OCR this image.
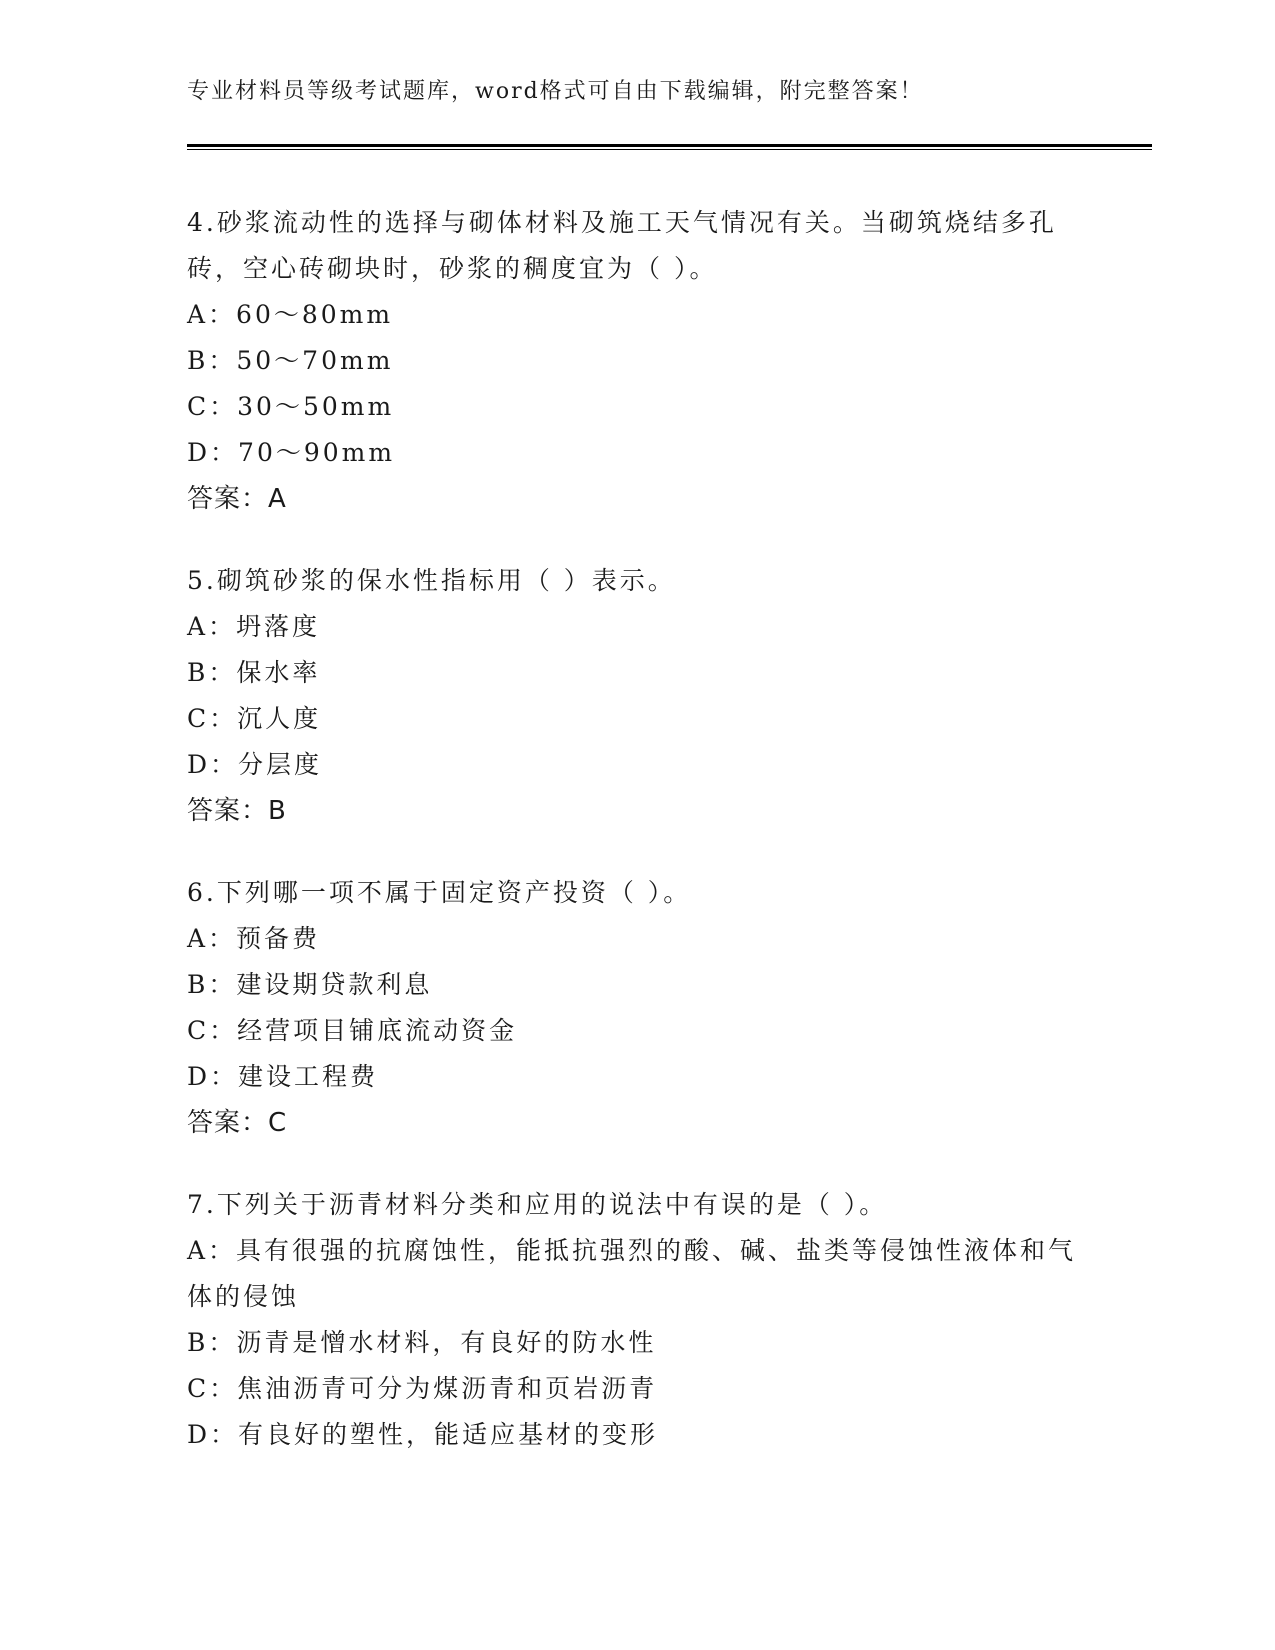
专业材料员等级考试题库，word格式可自由下载编辑，附完整答案！
4.砂浆流动性的选择与砌体材料及施工天气情况有关。当砌筑烧结多孔砖，空心砖砌块时，砂浆的稠度宜为（ ）。
A：60～80mm
B：50～70mm
C：30～50mm
D：70～90mm
答案：A
5.砌筑砂浆的保水性指标用（ ）表示。
A：坍落度
B：保水率
C：沉人度
D：分层度
答案：B
6.下列哪一项不属于固定资产投资（ ）。
A：预备费
B：建设期贷款利息
C：经营项目铺底流动资金
D：建设工程费
答案：C
7.下列关于沥青材料分类和应用的说法中有误的是（ ）。
A：具有很强的抗腐蚀性，能抵抗强烈的酸、碱、盐类等侵蚀性液体和气体的侵蚀
B：沥青是憎水材料，有良好的防水性
C：焦油沥青可分为煤沥青和页岩沥青
D：有良好的塑性，能适应基材的变形
